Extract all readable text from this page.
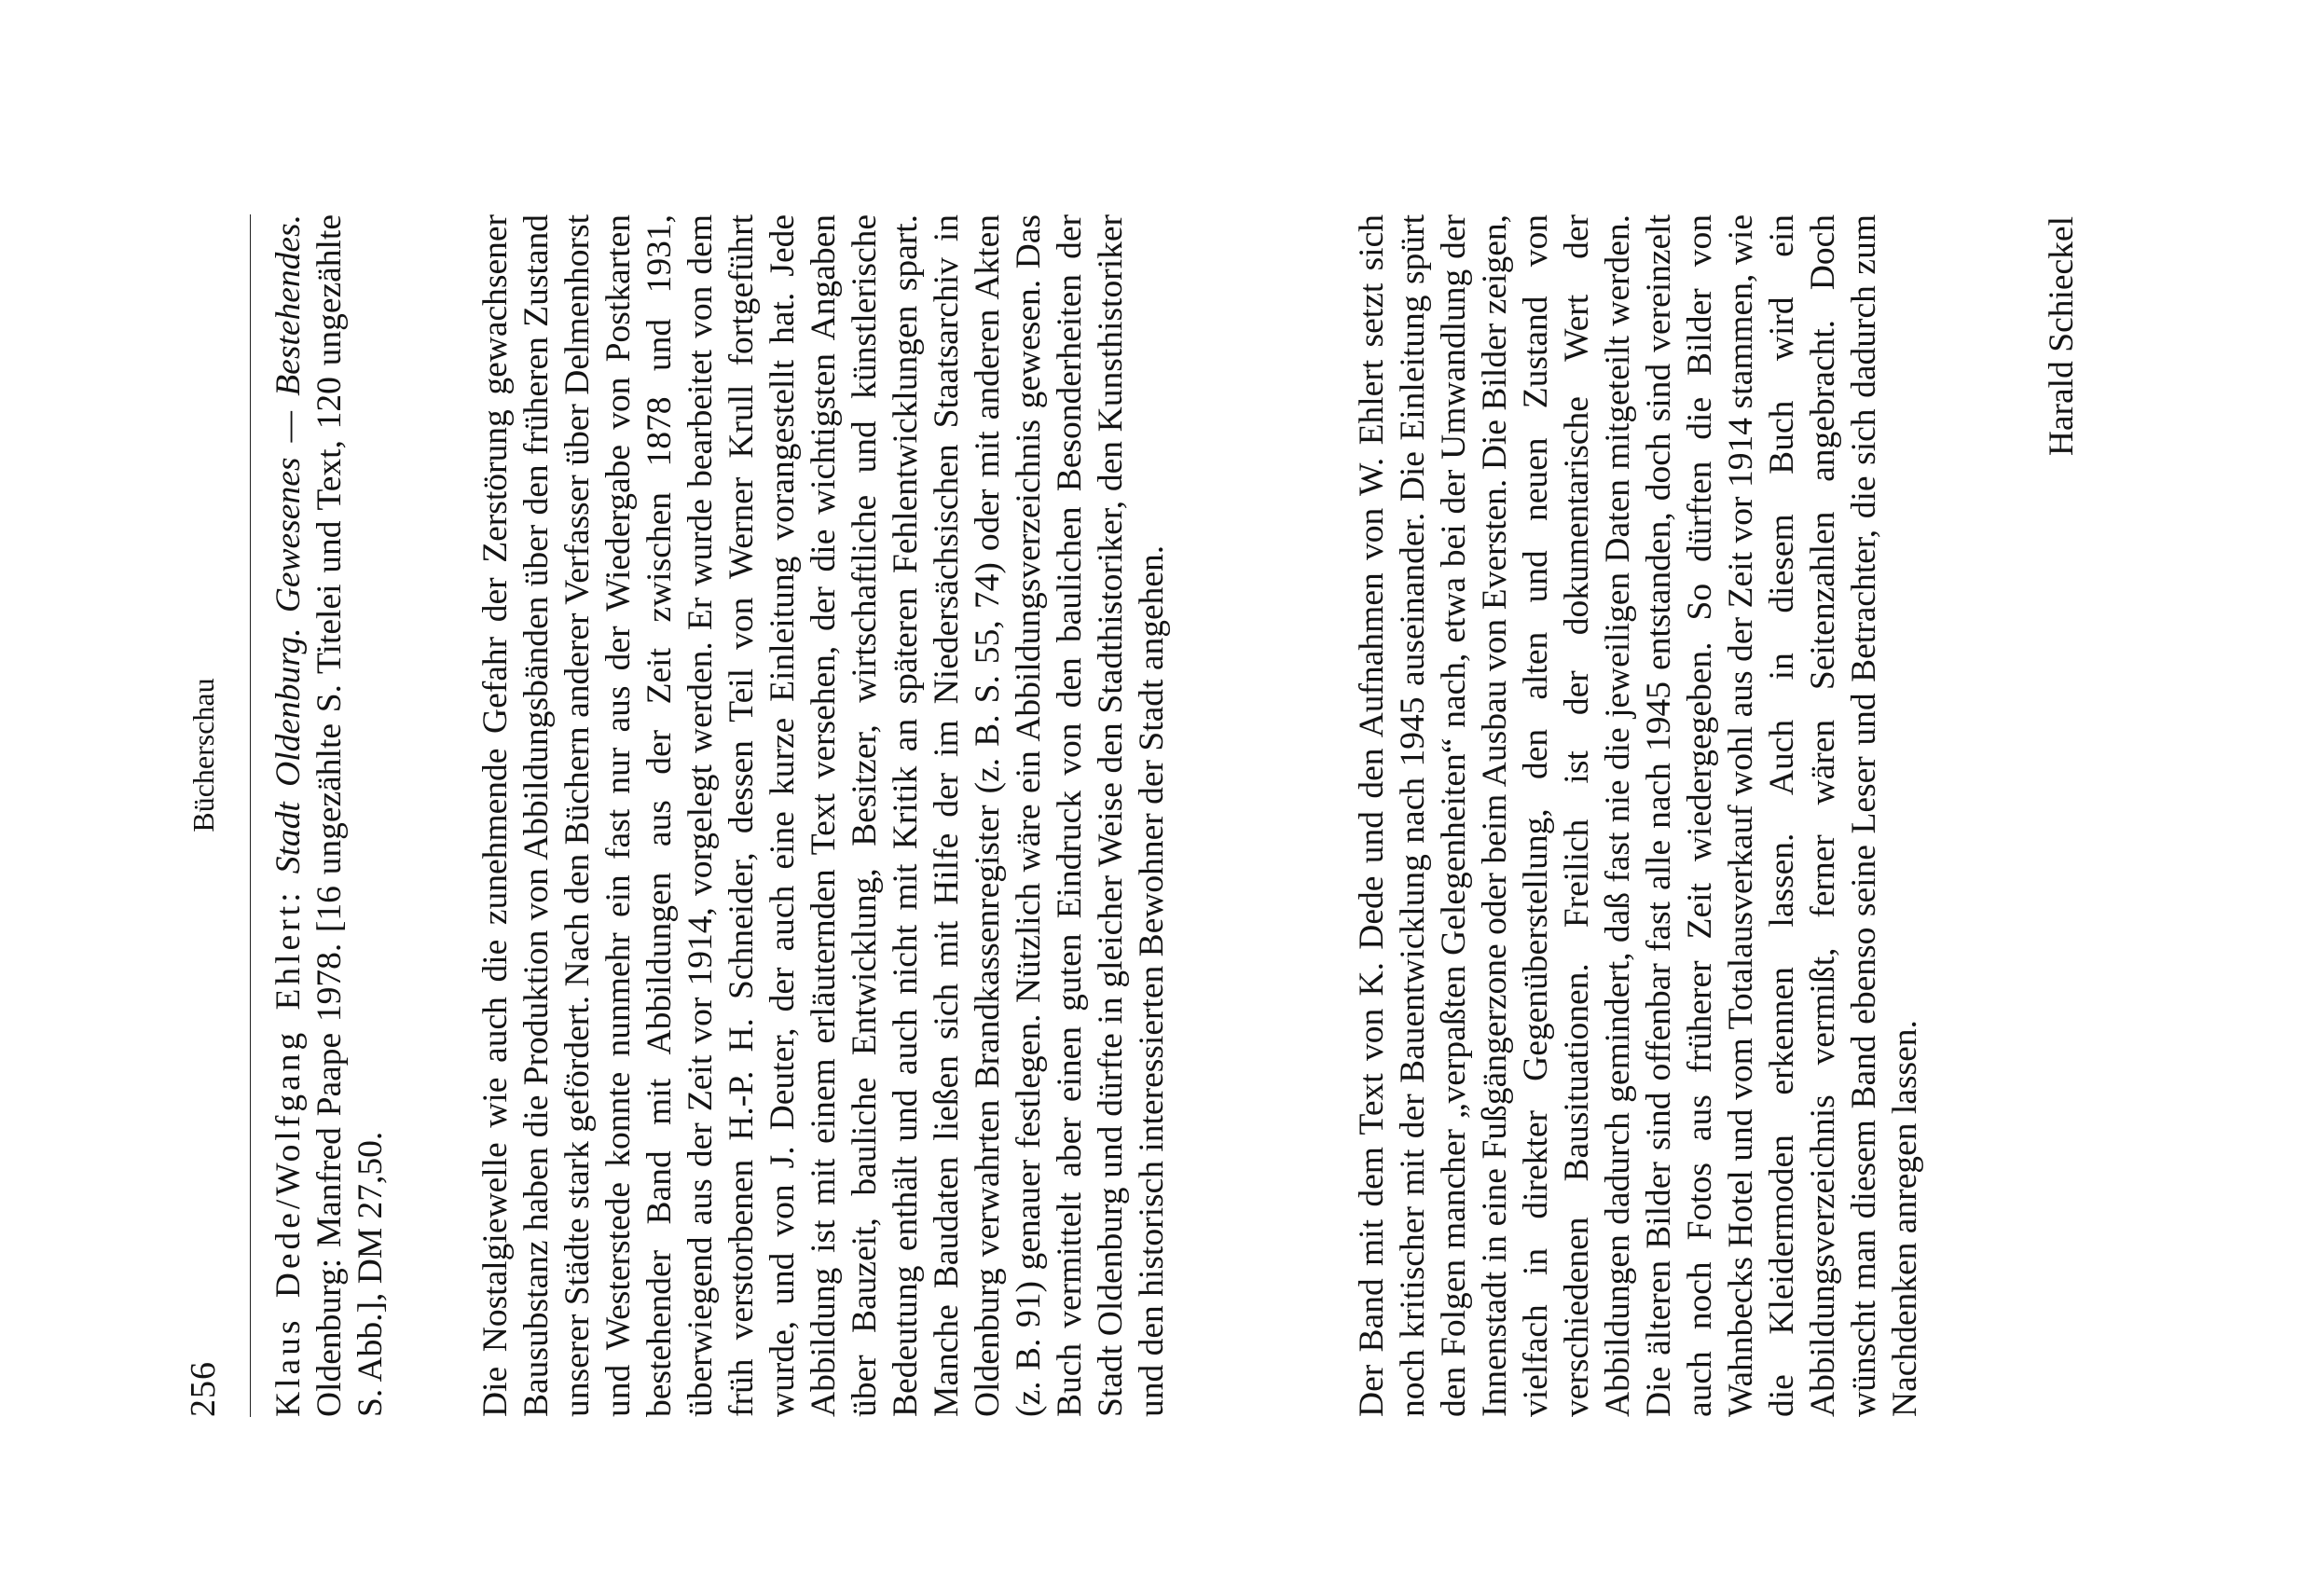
256
Bücherschau
Klaus Dede/Wolfgang Ehlert: Stadt Oldenburg. Gewesenes — Bestehendes. Oldenburg: Manfred Paape 1978. [16 ungezählte S. Titelei und Text, 120 ungezählte S. Abb.], DM 27,50. Die Nostalgiewelle wie auch die zunehmende Gefahr der Zerstörung gewachsener Bausubstanz haben die Produktion von Abbildungsbänden über den früheren Zustand unserer Städte stark gefördert. Nach den Büchern anderer Verfasser über Delmenhorst und Westerstede konnte nunmehr ein fast nur aus der Wiedergabe von Postkarten bestehender Band mit Abbildungen aus der Zeit zwischen 1878 und 1931, überwiegend aus der Zeit vor 1914, vorgelegt werden. Er wurde bearbeitet von dem früh verstorbenen H.-P. H. Schneider, dessen Teil von Werner Krull fortgeführt wurde, und von J. Deuter, der auch eine kurze Einleitung vorangestellt hat. Jede Abbildung ist mit einem erläuternden Text versehen, der die wichtigsten Angaben über Bauzeit, bauliche Entwicklung, Besitzer, wirtschaftliche und künstlerische Bedeutung enthält und auch nicht mit Kritik an späteren Fehlentwicklungen spart. Manche Baudaten ließen sich mit Hilfe der im Niedersächsischen Staatsarchiv in Oldenburg verwahrten Brandkassenregister (z. B. S. 55, 74) oder mit anderen Akten (z. B. 91) genauer festlegen. Nützlich wäre ein Abbildungsverzeichnis gewesen. Das Buch vermittelt aber einen guten Eindruck von den baulichen Besonderheiten der Stadt Oldenburg und dürfte in gleicher Weise den Stadthistoriker, den Kunsthistoriker und den historisch interessierten Bewohner der Stadt angehen.	Der Band mit dem Text von K. Dede und den Aufnahmen von W. Ehlert setzt sich noch kritischer mit der Bauentwicklung nach 1945 auseinander. Die Einleitung spürt den Folgen mancher „verpaßten Gelegenheiten“ nach, etwa bei der Umwandlung der Innenstadt in eine Fußgängerzone oder beim Ausbau von Eversten. Die Bilder zeigen, vielfach in direkter Gegenüberstellung, den alten und neuen Zustand von verschiedenen Bausituationen. Freilich ist der dokumentarische Wert der Abbildungen dadurch gemindert, daß fast nie die jeweiligen Daten mitgeteilt werden. Die älteren Bilder sind offenbar fast alle nach 1945 entstanden, doch sind vereinzelt auch noch Fotos aus früherer Zeit wiedergegeben. So dürften die Bilder von Wahnbecks Hotel und vom Totalausverkauf wohl aus der Zeit vor 1914 stammen, wie die Kleidermoden erkennen lassen. Auch in diesem Buch wird ein Abbildungsverzeichnis vermißt, ferner wären Seitenzahlen angebracht. Doch wünscht man diesem Band ebenso seine Leser und Betrachter, die sich dadurch zum Nachdenken anregen lassen.

Harald Schieckel
